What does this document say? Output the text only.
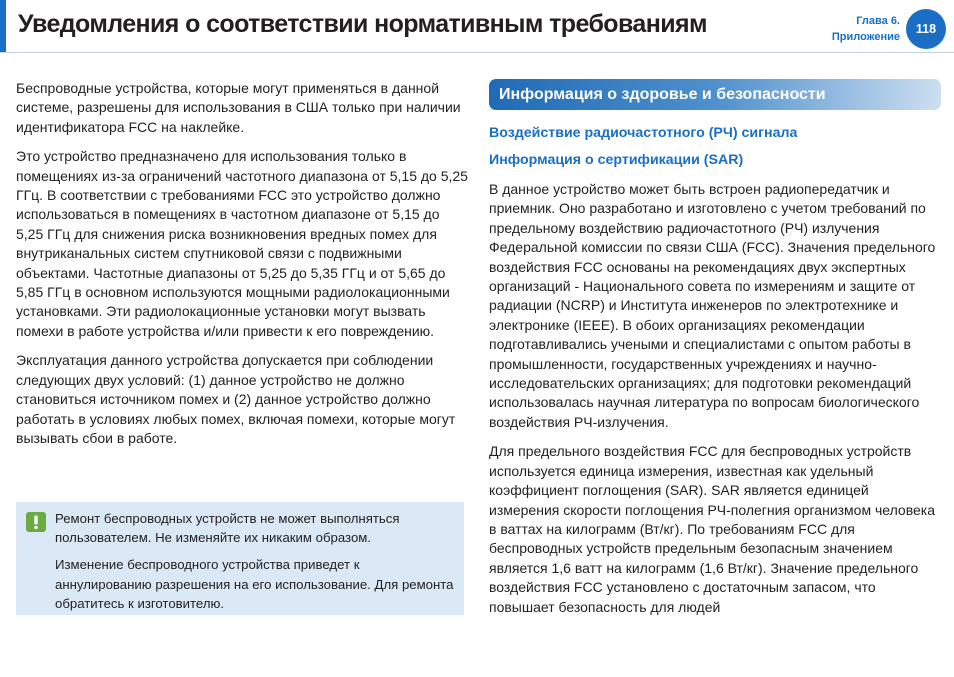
Уведомления о соответствии нормативным требованиям	Глава 6.
Приложение
118

Беспроводные устройства, которые могут применяться в данной системе, разрешены для использования в США только при наличии идентификатора FCC на наклейке.

Это устройство предназначено для использования только в помещениях из-за ограничений частотного диапазона от 5,15 до 5,25 ГГц. В соответствии с требованиями FCC это устройство должно использоваться в помещениях в частотном диапазоне от 5,15 до 5,25 ГГц для снижения риска возникновения вредных помех для внутриканальных систем спутниковой связи с подвижными объектами. Частотные диапазоны от 5,25 до 5,35 ГГц и от 5,65 до 5,85 ГГц в основном используются мощными радиолокационными установками. Эти радиолокационные установки могут вызвать помехи в работе устройства и/или привести к его повреждению.

Эксплуатация данного устройства допускается при соблюдении следующих двух условий: (1) данное устройство не должно становиться источником помех и (2) данное устройство должно работать в условиях любых помех, включая помехи, которые могут вызывать сбои в работе.

Ремонт беспроводных устройств не может выполняться пользователем. Не изменяйте их никаким образом.

Изменение беспроводного устройства приведет к аннулированию разрешения на его использование. Для ремонта обратитесь к изготовителю.

Информация о здоровье и безопасности
Воздействие радиочастотного (РЧ) сигнала
Информация о сертификации (SAR)

В данное устройство может быть встроен радиопередатчик и приемник. Оно разработано и изготовлено с учетом требований по предельному воздействию радиочастотного (РЧ) излучения Федеральной комиссии по связи США (FCC). Значения предельного воздействия FCC основаны на рекомендациях двух экспертных организаций - Национального совета по измерениям и защите от радиации (NCRP) и Института инженеров по электротехнике и электронике (IEEE). В обоих организациях рекомендации подготавливались учеными и специалистами с опытом работы в промышленности, государственных учреждениях и научно-исследовательских организациях; для подготовки рекомендаций использовалась научная литература по вопросам биологического воздействия РЧ-излучения.

Для предельного воздействия FCC для беспроводных устройств используется единица измерения, известная как удельный коэффициент поглощения (SAR). SAR является единицей измерения скорости поглощения РЧ-полегния организмом человека в ваттах на килограмм (Вт/кг). По требованиям FCC для беспроводных устройств предельным безопасным значением является 1,6 ватт на килограмм (1,6 Вт/кг). Значение предельного воздействия FCC установлено с достаточным запасом, что повышает безопасность для людей
